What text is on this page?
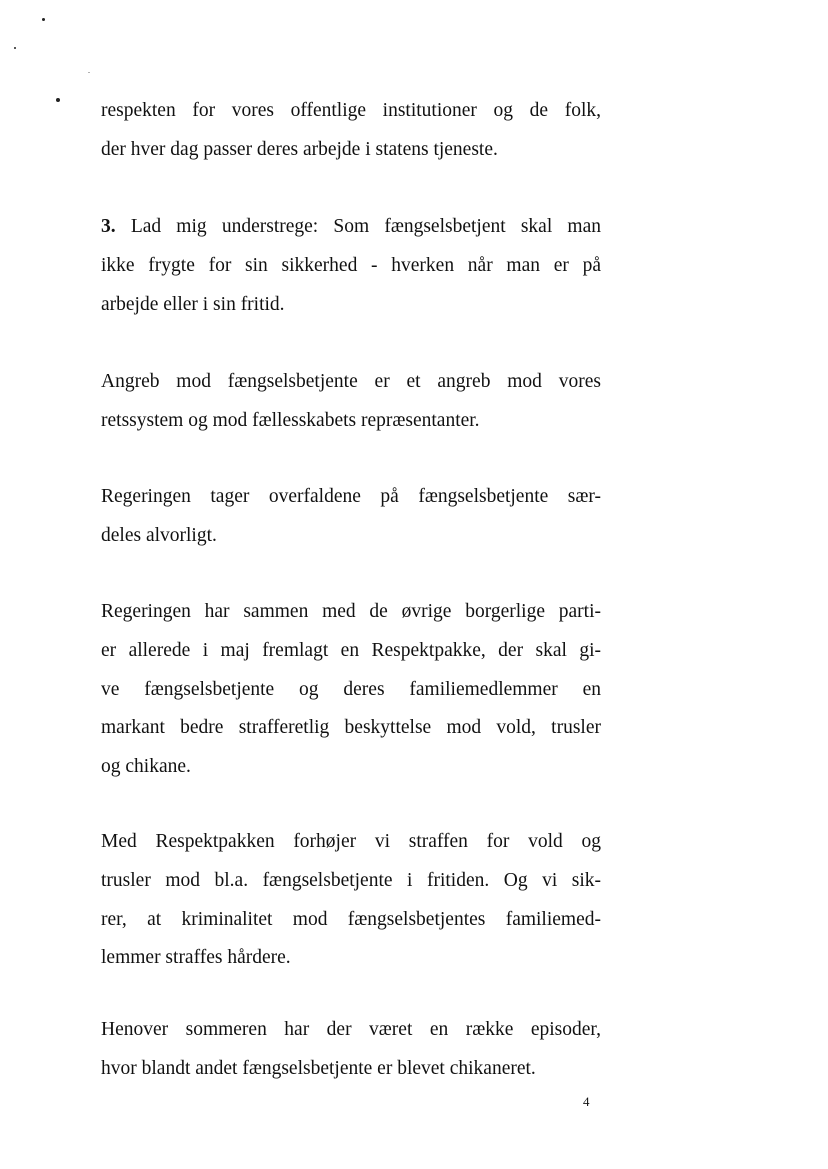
respekten for vores offentlige institutioner og de folk,
der hver dag passer deres arbejde i statens tjeneste.
3. Lad mig understrege: Som fængselsbetjent skal man
ikke frygte for sin sikkerhed - hverken når man er på
arbejde eller i sin fritid.
Angreb mod fængselsbetjente er et angreb mod vores
retssystem og mod fællesskabets repræsentanter.
Regeringen tager overfaldene på fængselsbetjente sær-
deles alvorligt.
Regeringen har sammen med de øvrige borgerlige parti-
er allerede i maj fremlagt en Respektpakke, der skal gi-
ve fængselsbetjente og deres familiemedlemmer en
markant bedre strafferetlig beskyttelse mod vold, trusler
og chikane.
Med Respektpakken forhøjer vi straffen for vold og
trusler mod bl.a. fængselsbetjente i fritiden. Og vi sik-
rer, at kriminalitet mod fængselsbetjentes familiemed-
lemmer straffes hårdere.
Henover sommeren har der været en række episoder,
hvor blandt andet fængselsbetjente er blevet chikaneret.
4
